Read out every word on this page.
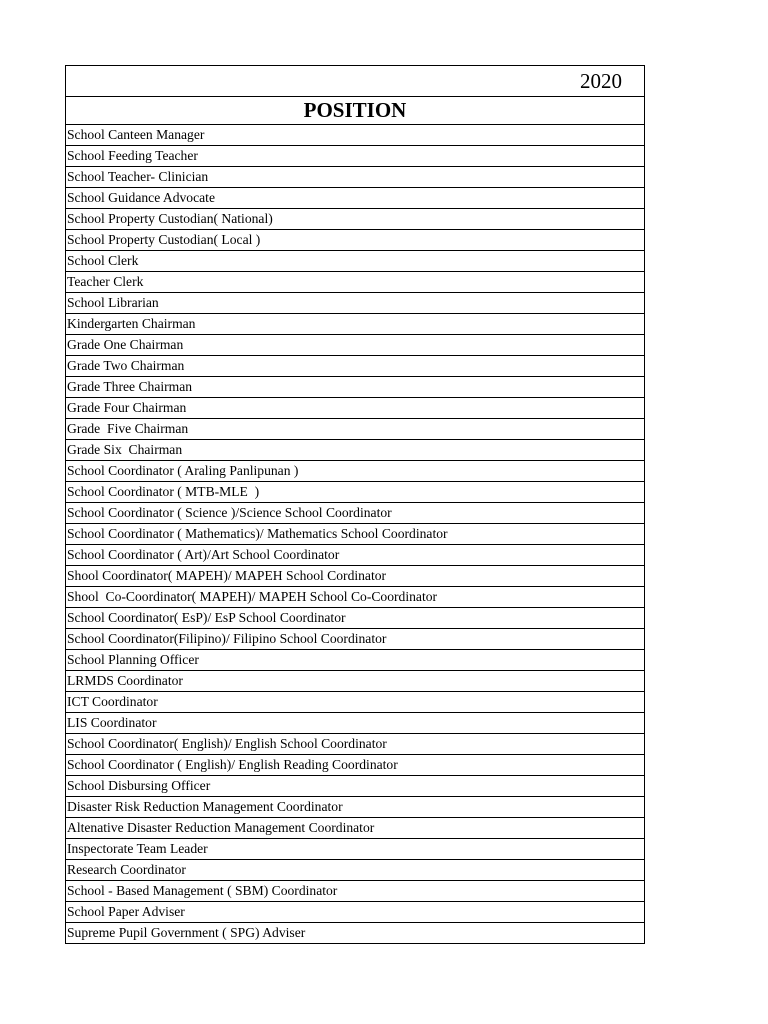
2020
POSITION
School Canteen Manager
School Feeding Teacher
School Teacher- Clinician
School Guidance Advocate
School Property Custodian( National)
School Property Custodian( Local )
School Clerk
Teacher Clerk
School Librarian
Kindergarten Chairman
Grade One Chairman
Grade Two Chairman
Grade Three Chairman
Grade Four Chairman
Grade  Five Chairman
Grade Six  Chairman
School Coordinator ( Araling Panlipunan )
School Coordinator ( MTB-MLE  )
School Coordinator ( Science )/Science School Coordinator
School Coordinator ( Mathematics)/ Mathematics School Coordinator
School Coordinator ( Art)/Art School Coordinator
Shool Coordinator( MAPEH)/ MAPEH School Cordinator
Shool  Co-Coordinator( MAPEH)/ MAPEH School Co-Coordinator
School Coordinator( EsP)/ EsP School Coordinator
School Coordinator(Filipino)/ Filipino School Coordinator
School Planning Officer
LRMDS Coordinator
ICT Coordinator
LIS Coordinator
School Coordinator( English)/ English School Coordinator
School Coordinator ( English)/ English Reading Coordinator
School Disbursing Officer
Disaster Risk Reduction Management Coordinator
Altenative Disaster Reduction Management Coordinator
Inspectorate Team Leader
Research Coordinator
School - Based Management ( SBM) Coordinator
School Paper Adviser
Supreme Pupil Government ( SPG) Adviser
